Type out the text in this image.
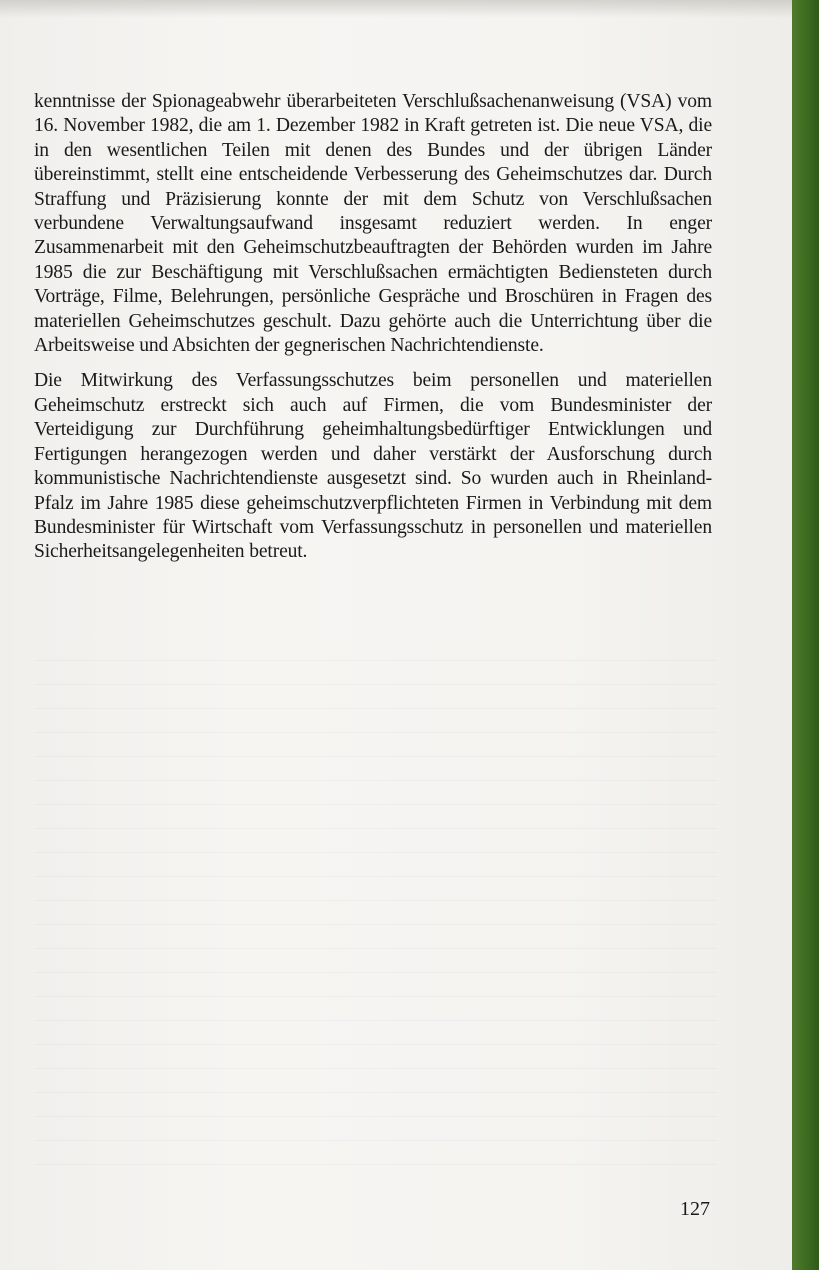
kenntnisse der Spionageabwehr überarbeiteten Verschlußsachenanweisung (VSA) vom 16. November 1982, die am 1. Dezember 1982 in Kraft getreten ist. Die neue VSA, die in den wesentlichen Teilen mit denen des Bundes und der übrigen Länder übereinstimmt, stellt eine entscheidende Verbesserung des Geheimschutzes dar. Durch Straffung und Präzisierung konnte der mit dem Schutz von Verschlußsachen verbundene Verwaltungsaufwand insgesamt reduziert werden. In enger Zusammenarbeit mit den Geheimschutzbeauftragten der Behörden wurden im Jahre 1985 die zur Beschäftigung mit Verschlußsachen ermächtigten Bediensteten durch Vorträge, Filme, Belehrungen, persönliche Gespräche und Broschüren in Fragen des materiellen Geheimschutzes geschult. Dazu gehörte auch die Unterrichtung über die Arbeitsweise und Absichten der gegnerischen Nachrichtendienste.

Die Mitwirkung des Verfassungsschutzes beim personellen und materiellen Geheimschutz erstreckt sich auch auf Firmen, die vom Bundesminister der Verteidigung zur Durchführung geheimhaltungsbedürftiger Entwicklungen und Fertigungen herangezogen werden und daher verstärkt der Ausforschung durch kommunistische Nachrichtendienste ausgesetzt sind. So wurden auch in Rheinland-Pfalz im Jahre 1985 diese geheimschutzverpflichteten Firmen in Verbindung mit dem Bundesminister für Wirtschaft vom Verfassungsschutz in personellen und materiellen Sicherheitsangelegenheiten betreut.

127
